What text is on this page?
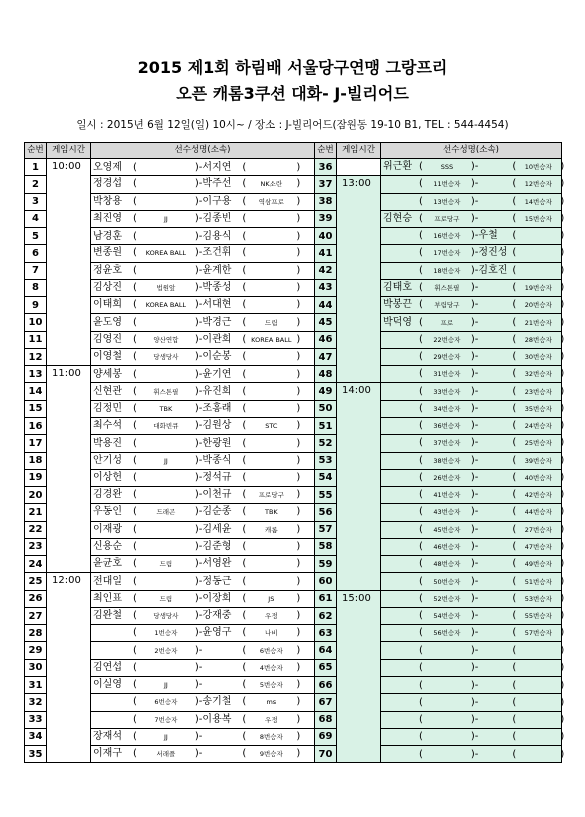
2015 제1회 하림배 서울당구연맹 그랑프리
오픈 캐롬3쿠션 대화- J-빌리어드
일시 : 2015년 6월 12일(일) 10시~ / 장소 : J-빌리어드(잠원동 19-10 B1, TEL : 544-4454)
순번	게임시간	선수성명(소속)	순번	게임시간	선수성명(소속)
1	10:00	오영제 ( )-서지연 ( )	36		위근환 ( SSS )- ( 10번승자 )
2		정경섭 ( )-박주선 ( NK소란 )	37	13:00	( 11번승자 )- ( 12번승자 )
3		박창용 ( )-이구용 ( 역삼프로 )	38		( 13번승자 )- ( 14번승자 )
4		최진영 ( JJ )-김종빈 ( )	39		김현승 ( 프로당구 )- ( 15번승자 )
5		남경훈 ( )-김용식 ( )	40		( 16번승자 )-우철 ( )
6		변종원 ( KOREA BALL )-조건휘 ( )	41		( 17번승자 )-정진성 ( )
7		정윤호 ( )-윤계한 ( )	42		( 18번승자 )-김호진 ( )
8		김상진 ( 법원앞 )-박종성 ( )	43		김태호 ( 휘스톤필 )- ( 19번승자 )
9		이태희 ( KOREA BALL )-서대현 ( )	44		박봉끈 ( 부림당구 )- ( 20번승자 )
10		윤도영 ( )-박경근 ( 드림 )	45		박덕영 ( 프로 )- ( 21번승자 )
11		김영진 ( 양산연합 )-이관희 ( KOREA BALL )	46		( 22번승자 )- ( 28번승자 )
12		이영철 ( 당생당사 )-이순봉 ( )	47		( 29번승자 )- ( 30번승자 )
13	11:00	양세봉 ( )-윤기연 ( )	48		( 31번승자 )- ( 32번승자 )
14		신현관 ( 휘스톤필 )-유진희 ( )	49	14:00	( 33번승자 )- ( 23번승자 )
15		김정민 ( TBK )-조홍래 ( )	50		( 34번승자 )- ( 35번승자 )
16		최수석 ( 대화빈큐 )-김원상 ( STC )	51		( 36번승자 )- ( 24번승자 )
17		박용진 ( )-한광원 ( )	52		( 37번승자 )- ( 25번승자 )
18		안기성 ( JJ )-박종식 ( )	53		( 38번승자 )- ( 39번승자 )
19		이상헌 ( )-정석규 ( )	54		( 26번승자 )- ( 40번승자 )
20		김경완 ( )-이천규 ( 프로당구 )	55		( 41번승자 )- ( 42번승자 )
21		우동인 ( 드래곤 )-김순종 ( TBK )	56		( 43번승자 )- ( 44번승자 )
22		이재광 ( )-김세윤 ( 캐롬 )	57		( 45번승자 )- ( 27번승자 )
23		신용순 ( )-김준형 ( )	58		( 46번승자 )- ( 47번승자 )
24		윤균호 ( 드림 )-서영완 ( )	59		( 48번승자 )- ( 49번승자 )
25	12:00	전대일 ( )-정동근 ( )	60		( 50번승자 )- ( 51번승자 )
26		최인표 ( 드림 )-이장희 ( JS )	61	15:00	( 52번승자 )- ( 53번승자 )
27		김완철 ( 당생당사 )-강재중 ( 우정 )	62		( 54번승자 )- ( 55번승자 )
28		( 1번승자 )-윤영구 ( 나비 )	63		( 56번승자 )- ( 57번승자 )
29		( 2번승자 )- ( 6번승자 )	64		( )- ( )
30		김연섭 ( )- ( 4번승자 )	65		( )- ( )
31		이실영 ( JJ )- ( 5번승자 )	66		( )- ( )
32		( 6번승자 )-송기철 ( ms )	67		( )- ( )
33		( 7번승자 )-이용복 ( 우정 )	68		( )- ( )
34		장재석 ( JJ )- ( 8번승자 )	69		( )- ( )
35		이재구 ( 서래플 )- ( 9번승자 )	70		( )- ( )
